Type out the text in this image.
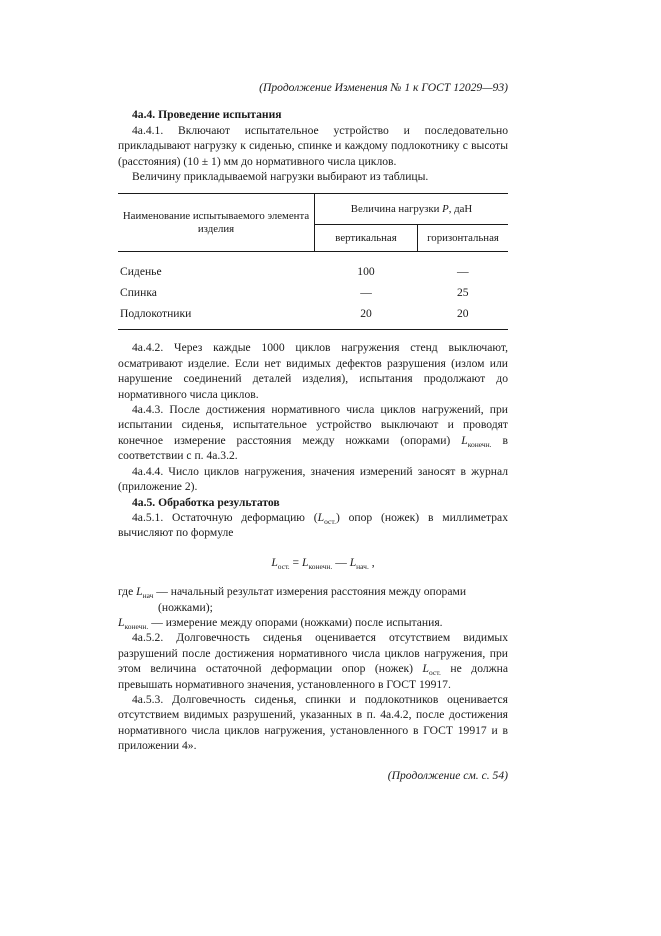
(Продолжение Изменения № 1 к ГОСТ 12029—93)

4а.4. Проведение испытания

4а.4.1. Включают испытательное устройство и последовательно прикладывают нагрузку к сиденью, спинке и каждому подлокотнику с высоты (расстояния) (10 ± 1) мм до нормативного числа циклов.

Величину прикладываемой нагрузки выбирают из таблицы.

Наименование испытываемого элемента изделия	Величина нагрузки P, даН	
	вертикальная	горизонтальная
Сиденье	100	—
Спинка	—	25
Подлокотники	20	20

4а.4.2. Через каждые 1000 циклов нагружения стенд выключают, осматривают изделие. Если нет видимых дефектов разрушения (излом или нарушение соединений деталей изделия), испытания продолжают до нормативного числа циклов.

4а.4.3. После достижения нормативного числа циклов нагружений, при испытании сиденья, испытательное устройство выключают и проводят конечное измерение расстояния между ножками (опорами) $L_{конечн.}$ в соответствии с п. 4а.3.2.

4а.4.4. Число циклов нагружения, значения измерений заносят в журнал (приложение 2).

4а.5. Обработка результатов

4а.5.1. Остаточную деформацию $(L_{ост.})$ опор (ножек) в миллиметрах вычисляют по формуле

$L_{ост.} = L_{конечн.}$ — $L_{нач.}$ ,

где $L_{нач}$ — начальный результат измерения расстояния между опорами
(ножками);

$L_{конечн.}$ — измерение между опорами (ножками) после испытания.

4а.5.2. Долговечность сиденья оценивается отсутствием видимых разрушений после достижения нормативного числа циклов нагружения, при этом величина остаточной деформации опор (ножек) $L_{ост.}$ не должна превышать нормативного значения, установленного в ГОСТ 19917.

4а.5.3. Долговечность сиденья, спинки и подлокотников оценивается отсутствием видимых разрушений, указанных в п. 4а.4.2, после достижения нормативного числа циклов нагружения, установленного в ГОСТ 19917 и в приложении 4».

(Продолжение см. с. 54)
